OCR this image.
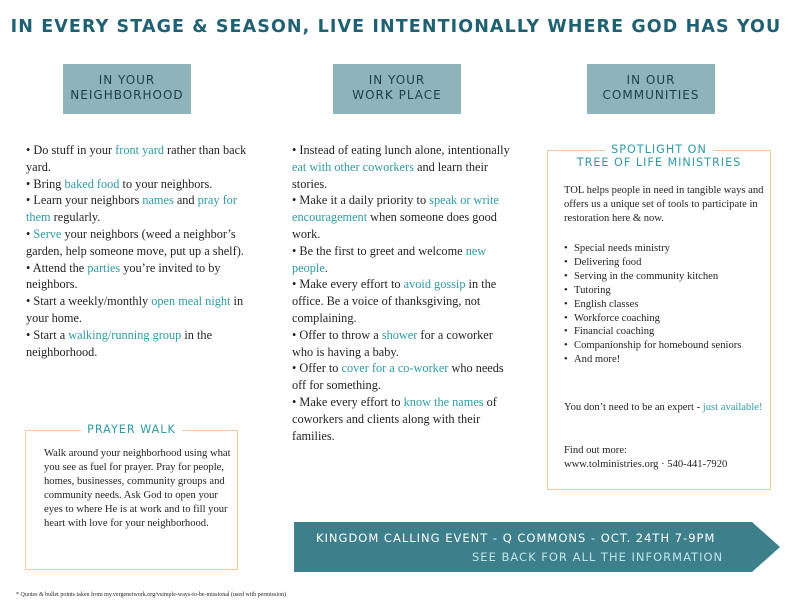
IN EVERY STAGE & SEASON, LIVE INTENTIONALLY WHERE GOD HAS YOU
IN YOUR
NEIGHBORHOOD
IN YOUR
WORK PLACE
IN OUR
COMMUNITIES
• Do stuff in your front yard rather than back yard.
• Bring baked food to your neighbors.
• Learn your neighbors names and pray for them regularly.
• Serve your neighbors (weed a neighbor’s garden, help someone move, put up a shelf).
• Attend the parties you’re invited to by neighbors.
• Start a weekly/monthly open meal night in your home.
• Start a walking/running group in the neighborhood.
• Instead of eating lunch alone, intentionally eat with other coworkers and learn their stories.
• Make it a daily priority to speak or write encouragement when someone does good work.
• Be the first to greet and welcome new people.
• Make every effort to avoid gossip in the office. Be a voice of thanksgiving, not complaining.
• Offer to throw a shower for a coworker who is having a baby.
• Offer to cover for a co-worker who needs off for something.
• Make every effort to know the names of coworkers and clients along with their families.
PRAYER WALK
Walk around your neighborhood using what you see as fuel for prayer. Pray for people, homes, businesses, community groups and community needs. Ask God to open your eyes to where He is at work and to fill your heart with love for your neighborhood.
SPOTLIGHT ON
TREE OF LIFE MINISTRIES
TOL helps people in need in tangible ways and offers us a unique set of tools to participate in restoration here & now.
• Special needs ministry
• Delivering food
• Serving in the community kitchen
• Tutoring
• English classes
• Workforce coaching
• Financial coaching
• Companionship for homebound seniors
• And more!
You don’t need to be an expert - just available!
Find out more:
www.tolministries.org · 540-441-7920
KINGDOM CALLING EVENT - Q COMMONS - OCT. 24TH 7-9PM
SEE BACK FOR ALL THE INFORMATION
* Quotes & bullet points taken from my.vergenetwork.org/vsimple-ways-to-be-missional (used with permission)
